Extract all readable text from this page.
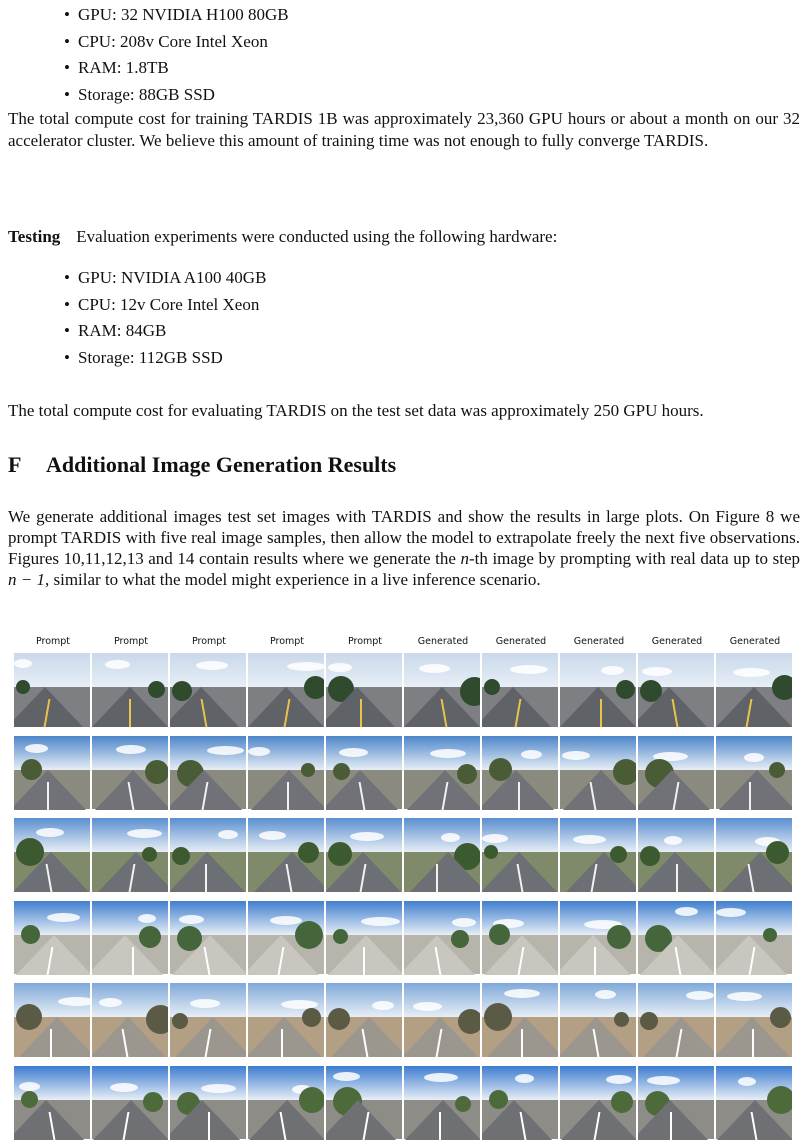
• GPU: 32 NVIDIA H100 80GB
• CPU: 208v Core Intel Xeon
• RAM: 1.8TB
• Storage: 88GB SSD

The total compute cost for training TARDIS 1B was approximately 23,360 GPU hours or about a month on our 32 accelerator cluster. We believe this amount of training time was not enough to fully converge TARDIS.

Testing Evaluation experiments were conducted using the following hardware:

• GPU: NVIDIA A100 40GB
• CPU: 12v Core Intel Xeon
• RAM: 84GB
• Storage: 112GB SSD

The total compute cost for evaluating TARDIS on the test set data was approximately 250 GPU hours.

F Additional Image Generation Results

We generate additional images test set images with TARDIS and show the results in large plots. On Figure 8 we prompt TARDIS with five real image samples, then allow the model to extrapolate freely the next five observations. Figures 10,11,12,13 and 14 contain results where we generate the n-th image by prompting with real data up to step n − 1, similar to what the model might experience in a live inference scenario.

Prompt	Prompt	Prompt	Prompt	Prompt	Generated	Generated	Generated	Generated	Generated
